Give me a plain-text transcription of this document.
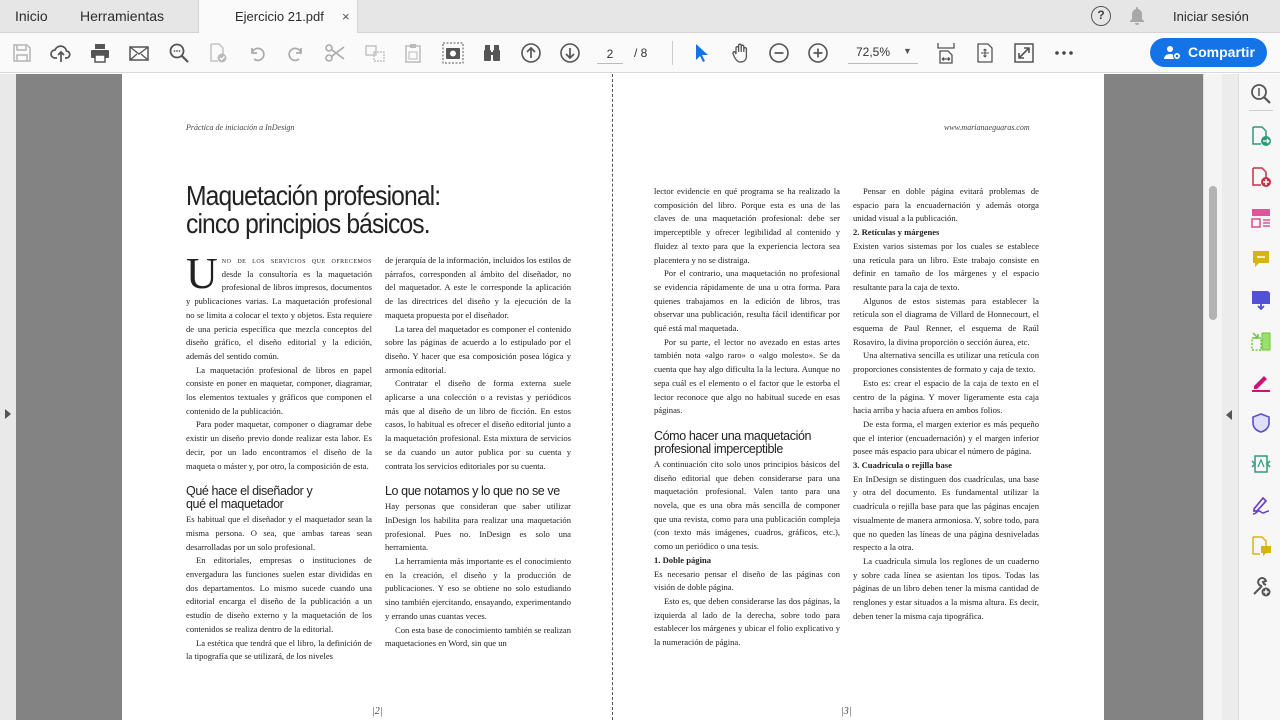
Inicio Herramientas	Ejercicio 21.pdf ×	?	Iniciar sesión
2
/ 8	72,5% ▼	Compartir
Práctica de iniciación a InDesign
Maquetación profesional:
cinco principios básicos.

Uno de los servicios que ofrecemos desde la consultoría es la maquetación profesional de libros impresos, documentos y publicaciones varias. La maquetación profesional no se limita a colocar el texto y objetos. Esta requiere de una pericia específica que mezcla conceptos del diseño gráfico, el diseño editorial y la edición, además del sentido común.

La maquetación profesional de libros en papel consiste en poner en maquetar, componer, diagramar, los elementos textuales y gráficos que componen el contenido de la publicación.

Para poder maquetar, componer o diagramar debe existir un diseño previo donde realizar esta labor. Es decir, por un lado encontramos el diseño de la maqueta o máster y, por otro, la composición de esta.

Qué hace el diseñador y
qué el maquetador

Es habitual que el diseñador y el maquetador sean la misma persona. O sea, que ambas tareas sean desarrolladas por un solo profesional.

En editoriales, empresas o instituciones de envergadura las funciones suelen estar divididas en dos departamentos. Lo mismo sucede cuando una editorial encarga el diseño de la publicación a un estudio de diseño externo y la maquetación de los contenidos se realiza dentro de la editorial.

La estética que tendrá que el libro, la definición de la tipografía que se utilizará, de los niveles

de jerarquía de la información, incluidos los estilos de párrafos, corresponden al ámbito del diseñador, no del maquetador. A este le corresponde la aplicación de las directrices del diseño y la ejecución de la maqueta propuesta por el diseñador.

La tarea del maquetador es componer el contenido sobre las páginas de acuerdo a lo estipulado por el diseño. Y hacer que esa composición posea lógica y armonía editorial.

Contratar el diseño de forma externa suele aplicarse a una colección o a revistas y periódicos más que al diseño de un libro de ficción. En estos casos, lo habitual es ofrecer el diseño editorial junto a la maquetación profesional. Esta mixtura de servicios se da cuando un autor publica por su cuenta y contrata los servicios editoriales por su cuenta.

Lo que notamos y lo que no se ve

Hay personas que consideran que saber utilizar InDesign los habilita para realizar una maquetación profesional. Pues no. InDesign es solo una herramienta.

La herramienta más importante es el conocimiento en la creación, el diseño y la producción de publicaciones. Y eso se obtiene no solo estudiando sino también ejercitando, ensayando, experimentando y errando unas cuantas veces.

Con esta base de conocimiento también se realizan maquetaciones en Word, sin que un

|2|
www.marianaeguaras.com

lector evidencie en qué programa se ha realizado la composición del libro. Porque esta es una de las claves de una maquetación profesional: debe ser imperceptible y ofrecer legibilidad al contenido y fluidez al texto para que la experiencia lectora sea placentera y no se distraiga.

Por el contrario, una maquetación no profesional se evidencia rápidamente de una u otra forma. Para quienes trabajamos en la edición de libros, tras observar una publicación, resulta fácil identificar por qué está mal maquetada.

Por su parte, el lector no avezado en estas artes también nota «algo raro» o «algo molesto». Se da cuenta que hay algo dificulta la la lectura. Aunque no sepa cuál es el elemento o el factor que le estorba el lector reconoce que algo no habitual sucede en esas páginas.

Cómo hacer una maquetación
profesional imperceptible

A continuación cito solo unos principios básicos del diseño editorial que deben considerarse para una maquetación profesional. Valen tanto para una novela, que es una obra más sencilla de componer que una revista, como para una publicación compleja (con texto más imágenes, cuadros, gráficos, etc.), como un periódico o una tesis.

1. Doble página

Es necesario pensar el diseño de las páginas con visión de doble página.

Esto es, que deben considerarse las dos páginas, la izquierda al lado de la derecha, sobre todo para establecer los márgenes y ubicar el folio explicativo y la numeración de página.

Pensar en doble página evitará problemas de espacio para la encuadernación y además otorga unidad visual a la publicación.

2. Retículas y márgenes

Existen varios sistemas por los cuales se establece una retícula para un libro. Este trabajo consiste en definir en tamaño de los márgenes y el espacio resultante para la caja de texto.

Algunos de estos sistemas para establecer la retícula son el diagrama de Villard de Honnecourt, el esquema de Paul Renner, el esquema de Raúl Rosaviro, la divina proporción o sección áurea, etc.

Una alternativa sencilla es utilizar una retícula con proporciones consistentes de formato y caja de texto.

Esto es: crear el espacio de la caja de texto en el centro de la página. Y mover ligeramente esta caja hacia arriba y hacia afuera en ambos folios.

De esta forma, el margen exterior es más pequeño que el interior (encuadernación) y el margen inferior posee más espacio para ubicar el número de página.

3. Cuadrícula o rejilla base

En InDesign se distinguen dos cuadrículas, una base y otra del documento. Es fundamental utilizar la cuadrícula o rejilla base para que las páginas encajen visualmente de manera armoniosa. Y, sobre todo, para que no queden las líneas de una página desniveladas respecto a la otra.

La cuadrícula simula los reglones de un cuaderno y sobre cada línea se asientan los tipos. Todas las páginas de un libro deben tener la misma cantidad de renglones y estar situados a la misma altura. Es decir, deben tener la misma caja tipográfica.

|3|
